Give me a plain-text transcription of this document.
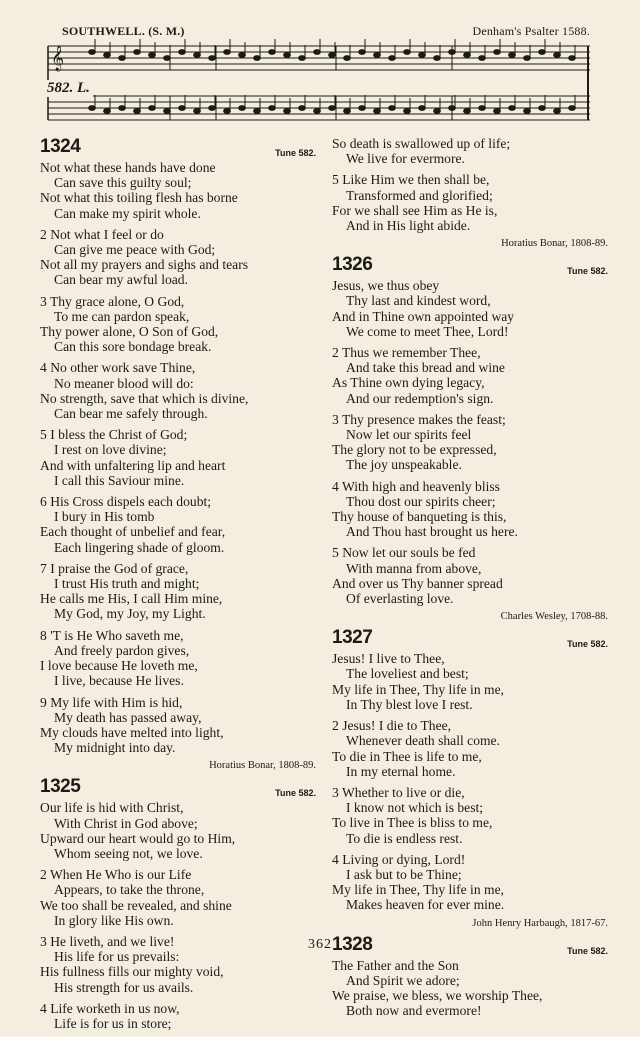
SOUTHWELL. (S. M.)	Denham's Psalter 1588.
𝄞
582. L.
1324	Tune 582.
Not what these hands have done
Can save this guilty soul;
Not what this toiling flesh has borne
Can make my spirit whole.
2 Not what I feel or do
Can give me peace with God;
Not all my prayers and sighs and tears
Can bear my awful load.
3 Thy grace alone, O God,
To me can pardon speak,
Thy power alone, O Son of God,
Can this sore bondage break.
4 No other work save Thine,
No meaner blood will do:
No strength, save that which is divine,
Can bear me safely through.
5 I bless the Christ of God;
I rest on love divine;
And with unfaltering lip and heart
I call this Saviour mine.
6 His Cross dispels each doubt;
I bury in His tomb
Each thought of unbelief and fear,
Each lingering shade of gloom.
7 I praise the God of grace,
I trust His truth and might;
He calls me His, I call Him mine,
My God, my Joy, my Light.
8 'T is He Who saveth me,
And freely pardon gives,
I love because He loveth me,
I live, because He lives.
9 My life with Him is hid,
My death has passed away,
My clouds have melted into light,
My midnight into day.
Horatius Bonar, 1808-89.
1325	Tune 582.
Our life is hid with Christ,
With Christ in God above;
Upward our heart would go to Him,
Whom seeing not, we love.
2 When He Who is our Life
Appears, to take the throne,
We too shall be revealed, and shine
In glory like His own.
3 He liveth, and we live!
His life for us prevails:
His fullness fills our mighty void,
His strength for us avails.
4 Life worketh in us now,
Life is for us in store;
So death is swallowed up of life;
We live for evermore.
5 Like Him we then shall be,
Transformed and glorified;
For we shall see Him as He is,
And in His light abide.
Horatius Bonar, 1808-89.
1326	Tune 582.
Jesus, we thus obey
Thy last and kindest word,
And in Thine own appointed way
We come to meet Thee, Lord!
2 Thus we remember Thee,
And take this bread and wine
As Thine own dying legacy,
And our redemption's sign.
3 Thy presence makes the feast;
Now let our spirits feel
The glory not to be expressed,
The joy unspeakable.
4 With high and heavenly bliss
Thou dost our spirits cheer;
Thy house of banqueting is this,
And Thou hast brought us here.
5 Now let our souls be fed
With manna from above,
And over us Thy banner spread
Of everlasting love.
Charles Wesley, 1708-88.
1327	Tune 582.
Jesus! I live to Thee,
The loveliest and best;
My life in Thee, Thy life in me,
In Thy blest love I rest.
2 Jesus! I die to Thee,
Whenever death shall come.
To die in Thee is life to me,
In my eternal home.
3 Whether to live or die,
I know not which is best;
To live in Thee is bliss to me,
To die is endless rest.
4 Living or dying, Lord!
I ask but to be Thine;
My life in Thee, Thy life in me,
Makes heaven for ever mine.
John Henry Harbaugh, 1817-67.
1328	Tune 582.
The Father and the Son
And Spirit we adore;
We praise, we bless, we worship Thee,
Both now and evermore!
362
